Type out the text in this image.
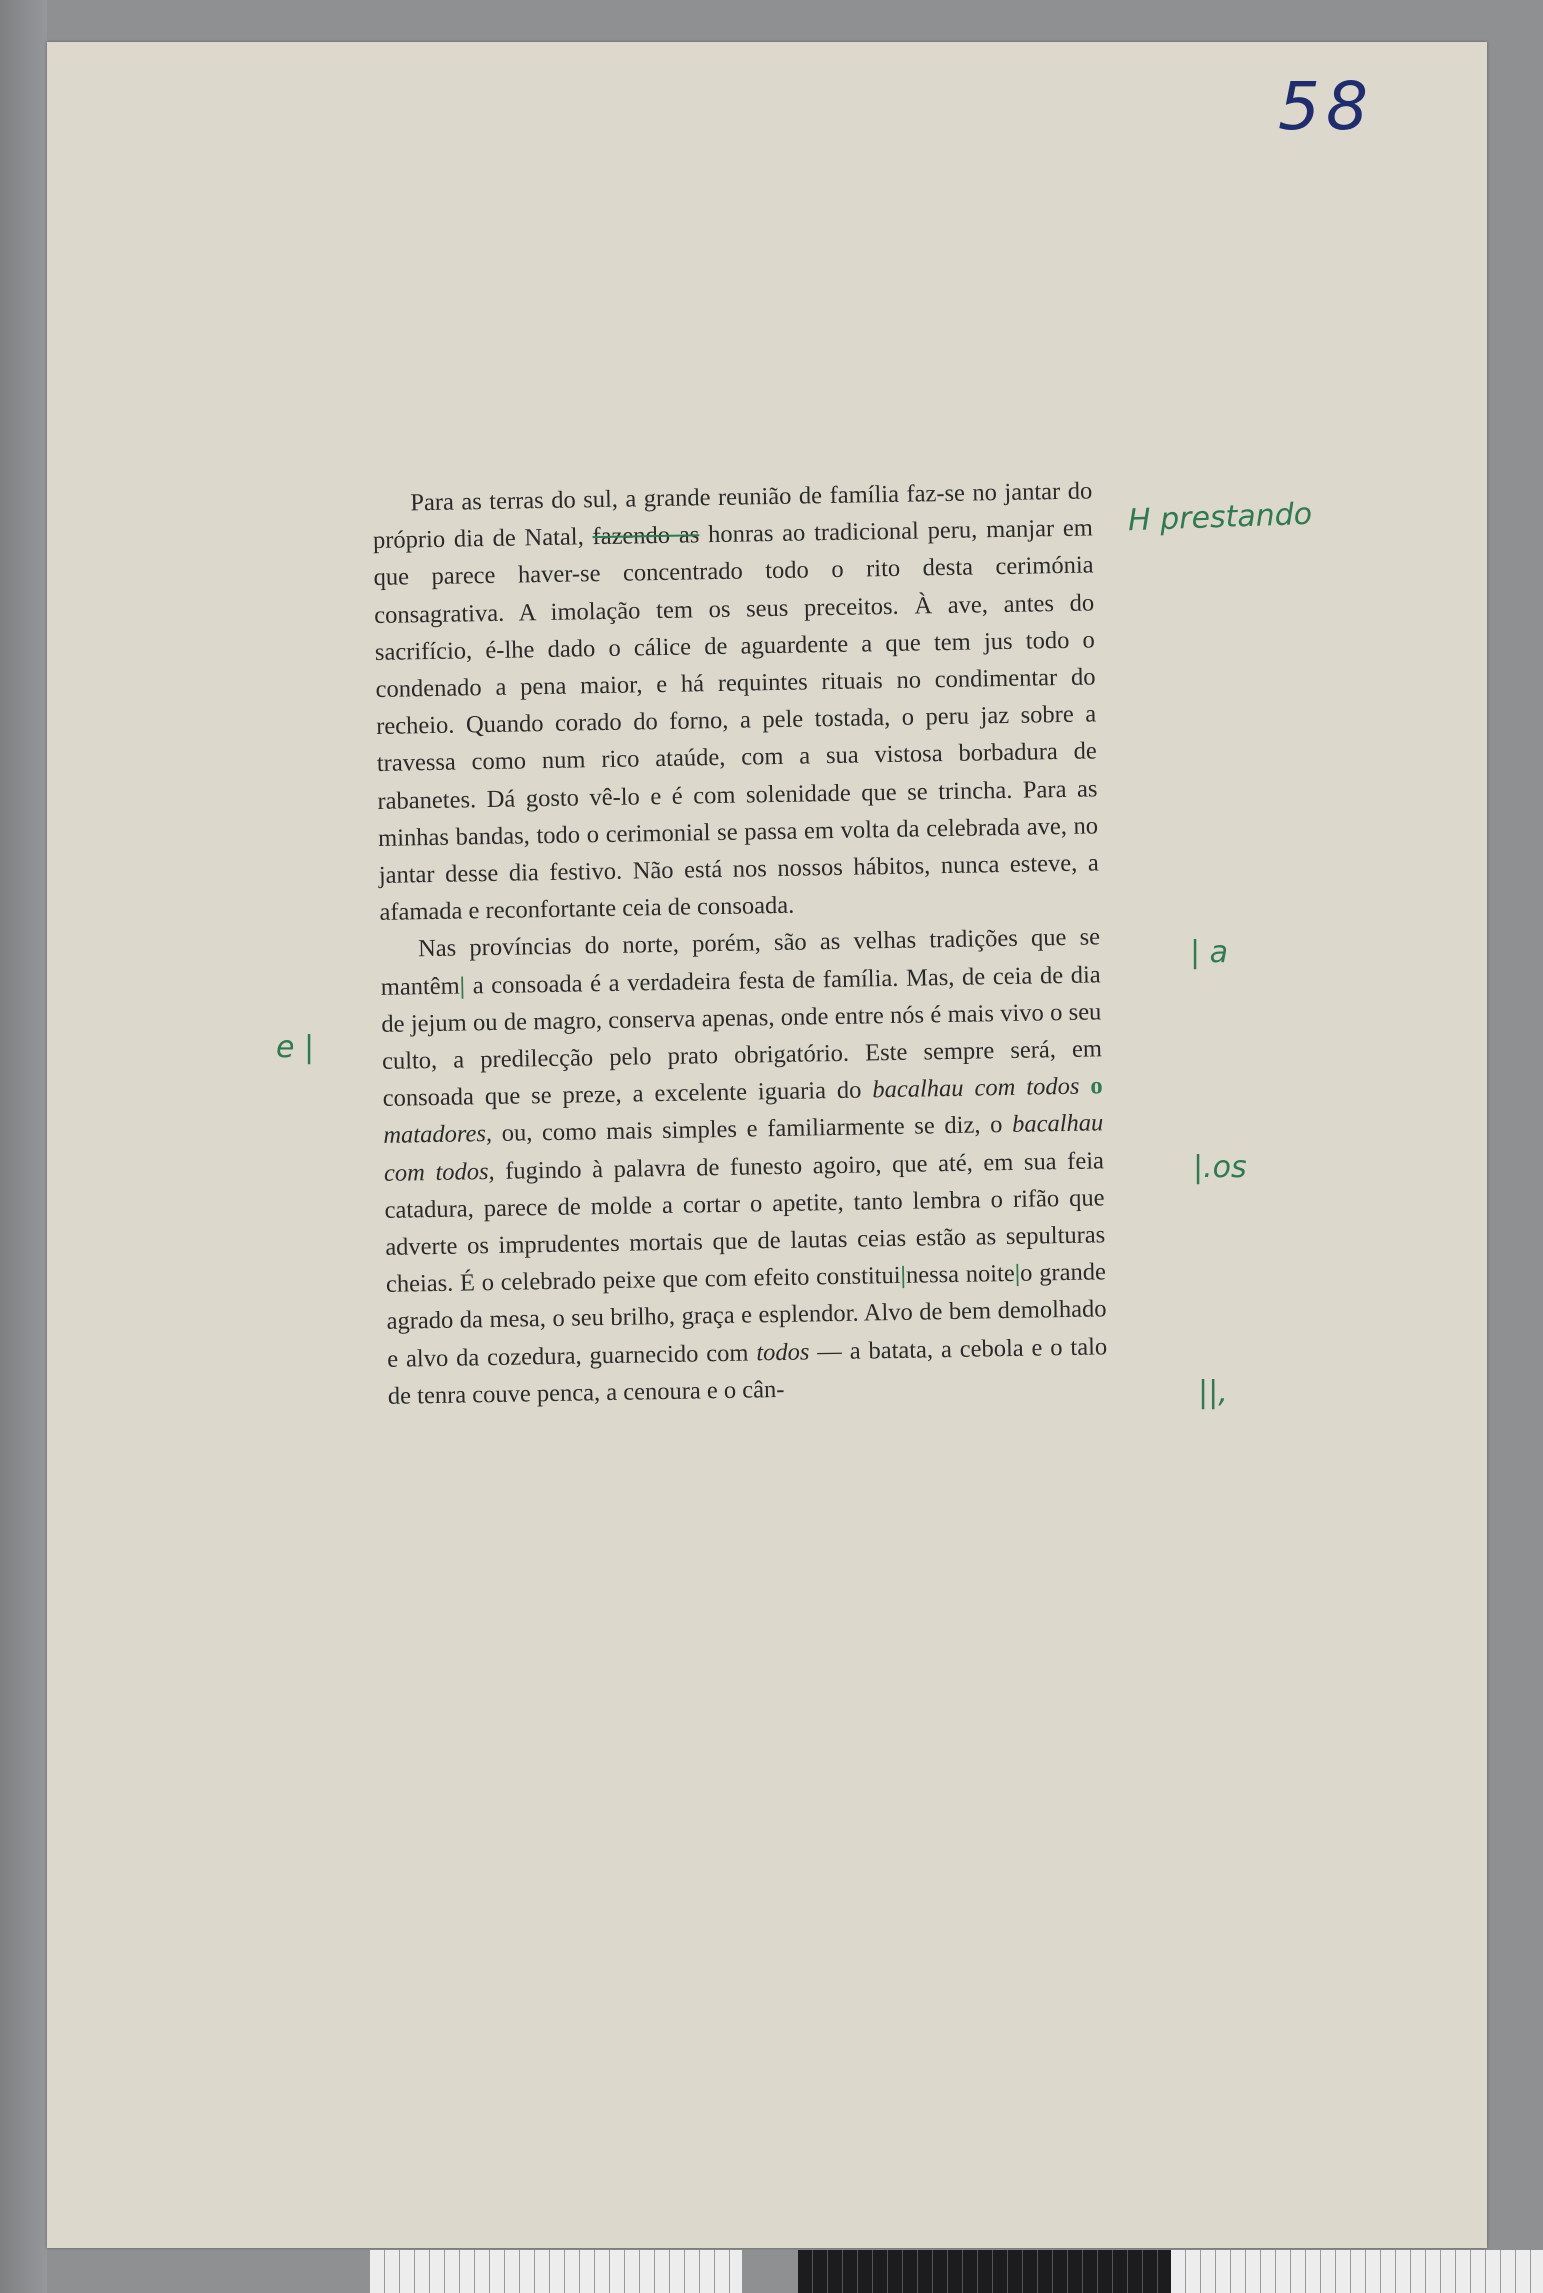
58

Para as terras do sul, a grande reunião de família faz-se no jantar do próprio dia de Natal, fazendo as honras ao tradicional peru, manjar em que parece haver-se concentrado todo o rito desta cerimónia consagrativa. A imolação tem os seus preceitos. À ave, antes do sacrifício, é-lhe dado o cálice de aguardente a que tem jus todo o condenado a pena maior, e há requintes rituais no condimentar do recheio. Quando corado do forno, a pele tostada, o peru jaz sobre a travessa como num rico ataúde, com a sua vistosa borbadura de rabanetes. Dá gosto vê-lo e é com solenidade que se trincha. Para as minhas bandas, todo o cerimonial se passa em volta da celebrada ave, no jantar desse dia festivo. Não está nos nossos hábitos, nunca esteve, a afamada e reconfortante ceia de consoada.

Nas províncias do norte, porém, são as velhas tradições que se mantêm| a consoada é a verdadeira festa de família. Mas, de ceia de dia de jejum ou de magro, conserva apenas, onde entre nós é mais vivo o seu culto, a predilecção pelo prato obrigatório. Este sempre será, em consoada que se preze, a excelente iguaria do bacalhau com todos o matadores, ou, como mais simples e familiarmente se diz, o bacalhau com todos, fugindo à palavra de funesto agoiro, que até, em sua feia catadura, parece de molde a cortar o apetite, tanto lembra o rifão que adverte os imprudentes mortais que de lautas ceias estão as sepulturas cheias. É o celebrado peixe que com efeito constitui|nessa noite|o grande agrado da mesa, o seu brilho, graça e esplendor. Alvo de bem demolhado e alvo da cozedura, guarnecido com todos — a batata, a cebola e o talo de tenra couve penca, a cenoura e o cân-

H prestando
| a
e |
|.os
||,
